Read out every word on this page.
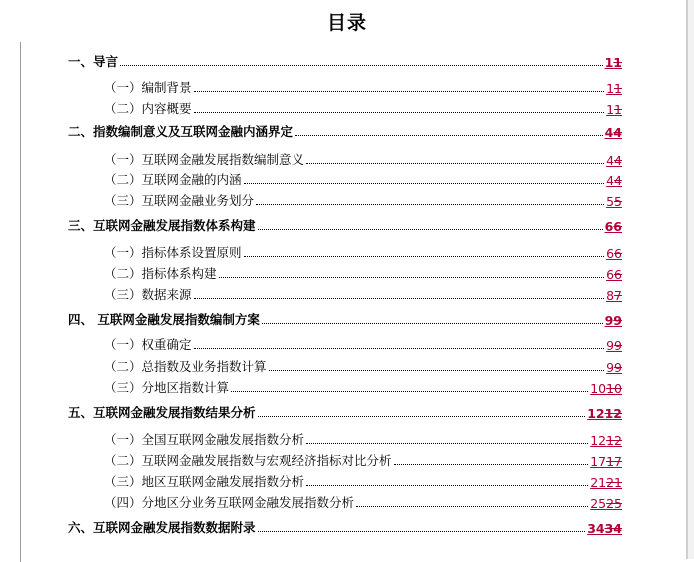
目录
一、导言	11
（一）编制背景	11
（二）内容概要	11
二、指数编制意义及互联网金融内涵界定	44
（一）互联网金融发展指数编制意义	44
（二）互联网金融的内涵	44
（三）互联网金融业务划分	55
三、互联网金融发展指数体系构建	66
（一）指标体系设置原则	66
（二）指标体系构建	66
（三）数据来源	87
四、 互联网金融发展指数编制方案	99
（一）权重确定	99
（二）总指数及业务指数计算	99
（三）分地区指数计算	1010
五、互联网金融发展指数结果分析	1212
（一）全国互联网金融发展指数分析	1212
（二）互联网金融发展指数与宏观经济指标对比分析	1717
（三）地区互联网金融发展指数分析	2121
（四）分地区分业务互联网金融发展指数分析	2525
六、互联网金融发展指数数据附录	3434
